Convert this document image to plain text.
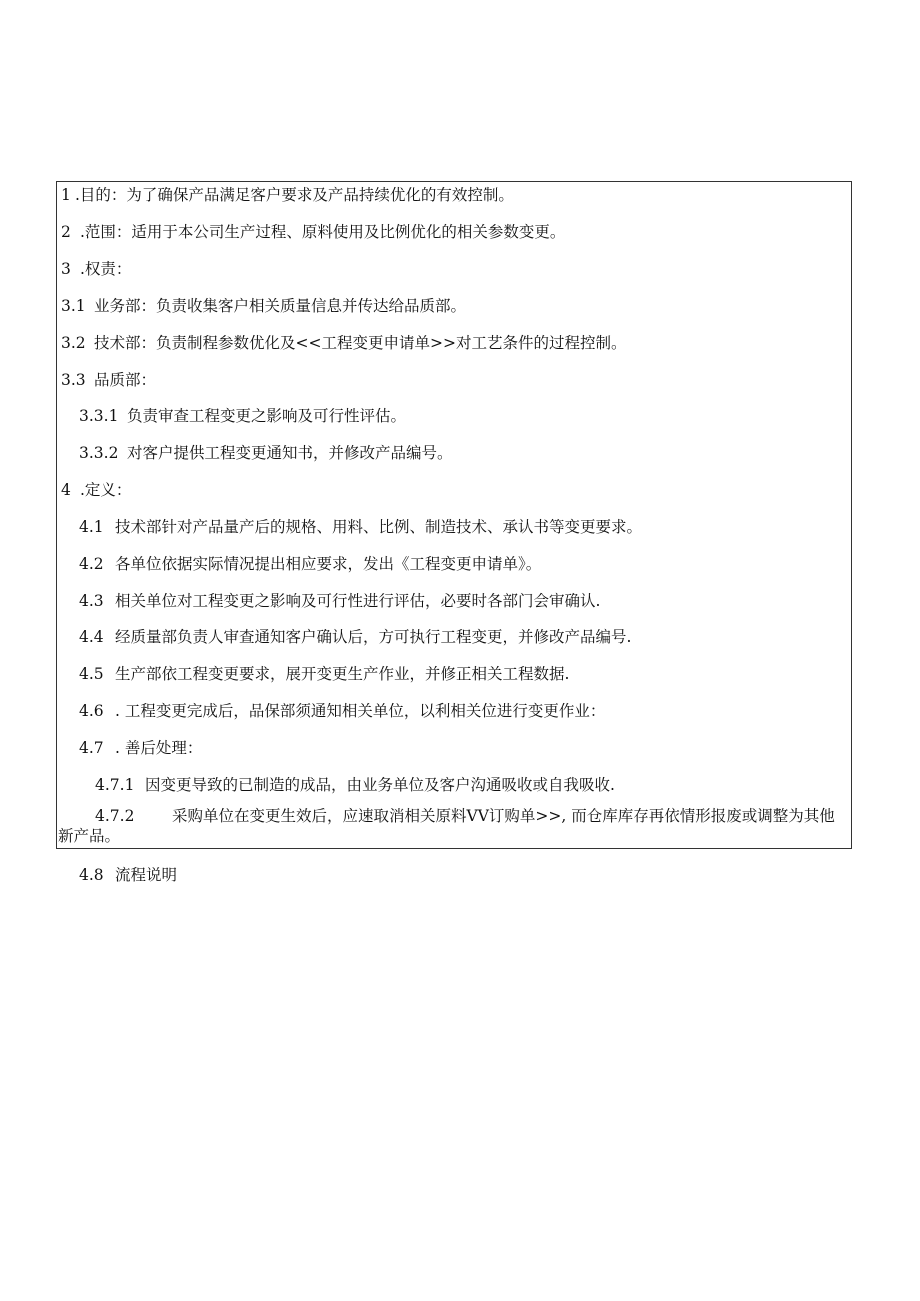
1 .目的：为了确保产品满足客户要求及产品持续优化的有效控制。
2 .范围：适用于本公司生产过程、原料使用及比例优化的相关参数变更。
3 .权责：
3.1 业务部：负责收集客户相关质量信息并传达给品质部。
3.2 技术部：负责制程参数优化及<<工程变更申请单>>对工艺条件的过程控制。
3.3 品质部：
3.3.1 负责审查工程变更之影响及可行性评估。
3.3.2 对客户提供工程变更通知书，并修改产品编号。
4 .定义：
4.1 技术部针对产品量产后的规格、用料、比例、制造技术、承认书等变更要求。
4.2 各单位依据实际情况提出相应要求，发出《工程变更申请单》。
4.3 相关单位对工程变更之影响及可行性进行评估，必要时各部门会审确认.
4.4 经质量部负责人审查通知客户确认后，方可执行工程变更，并修改产品编号.
4.5 生产部依工程变更要求，展开变更生产作业，并修正相关工程数据.
4.6 . 工程变更完成后，品保部须通知相关单位，以利相关位进行变更作业：
4.7 . 善后处理：
4.7.1 因变更导致的已制造的成品，由业务单位及客户沟通吸收或自我吸收.
4.7.2 采购单位在变更生效后，应速取消相关原料VV订购单>>, 而仓库库存再依情形报废或调整为其他新产品。
4.8 流程说明
